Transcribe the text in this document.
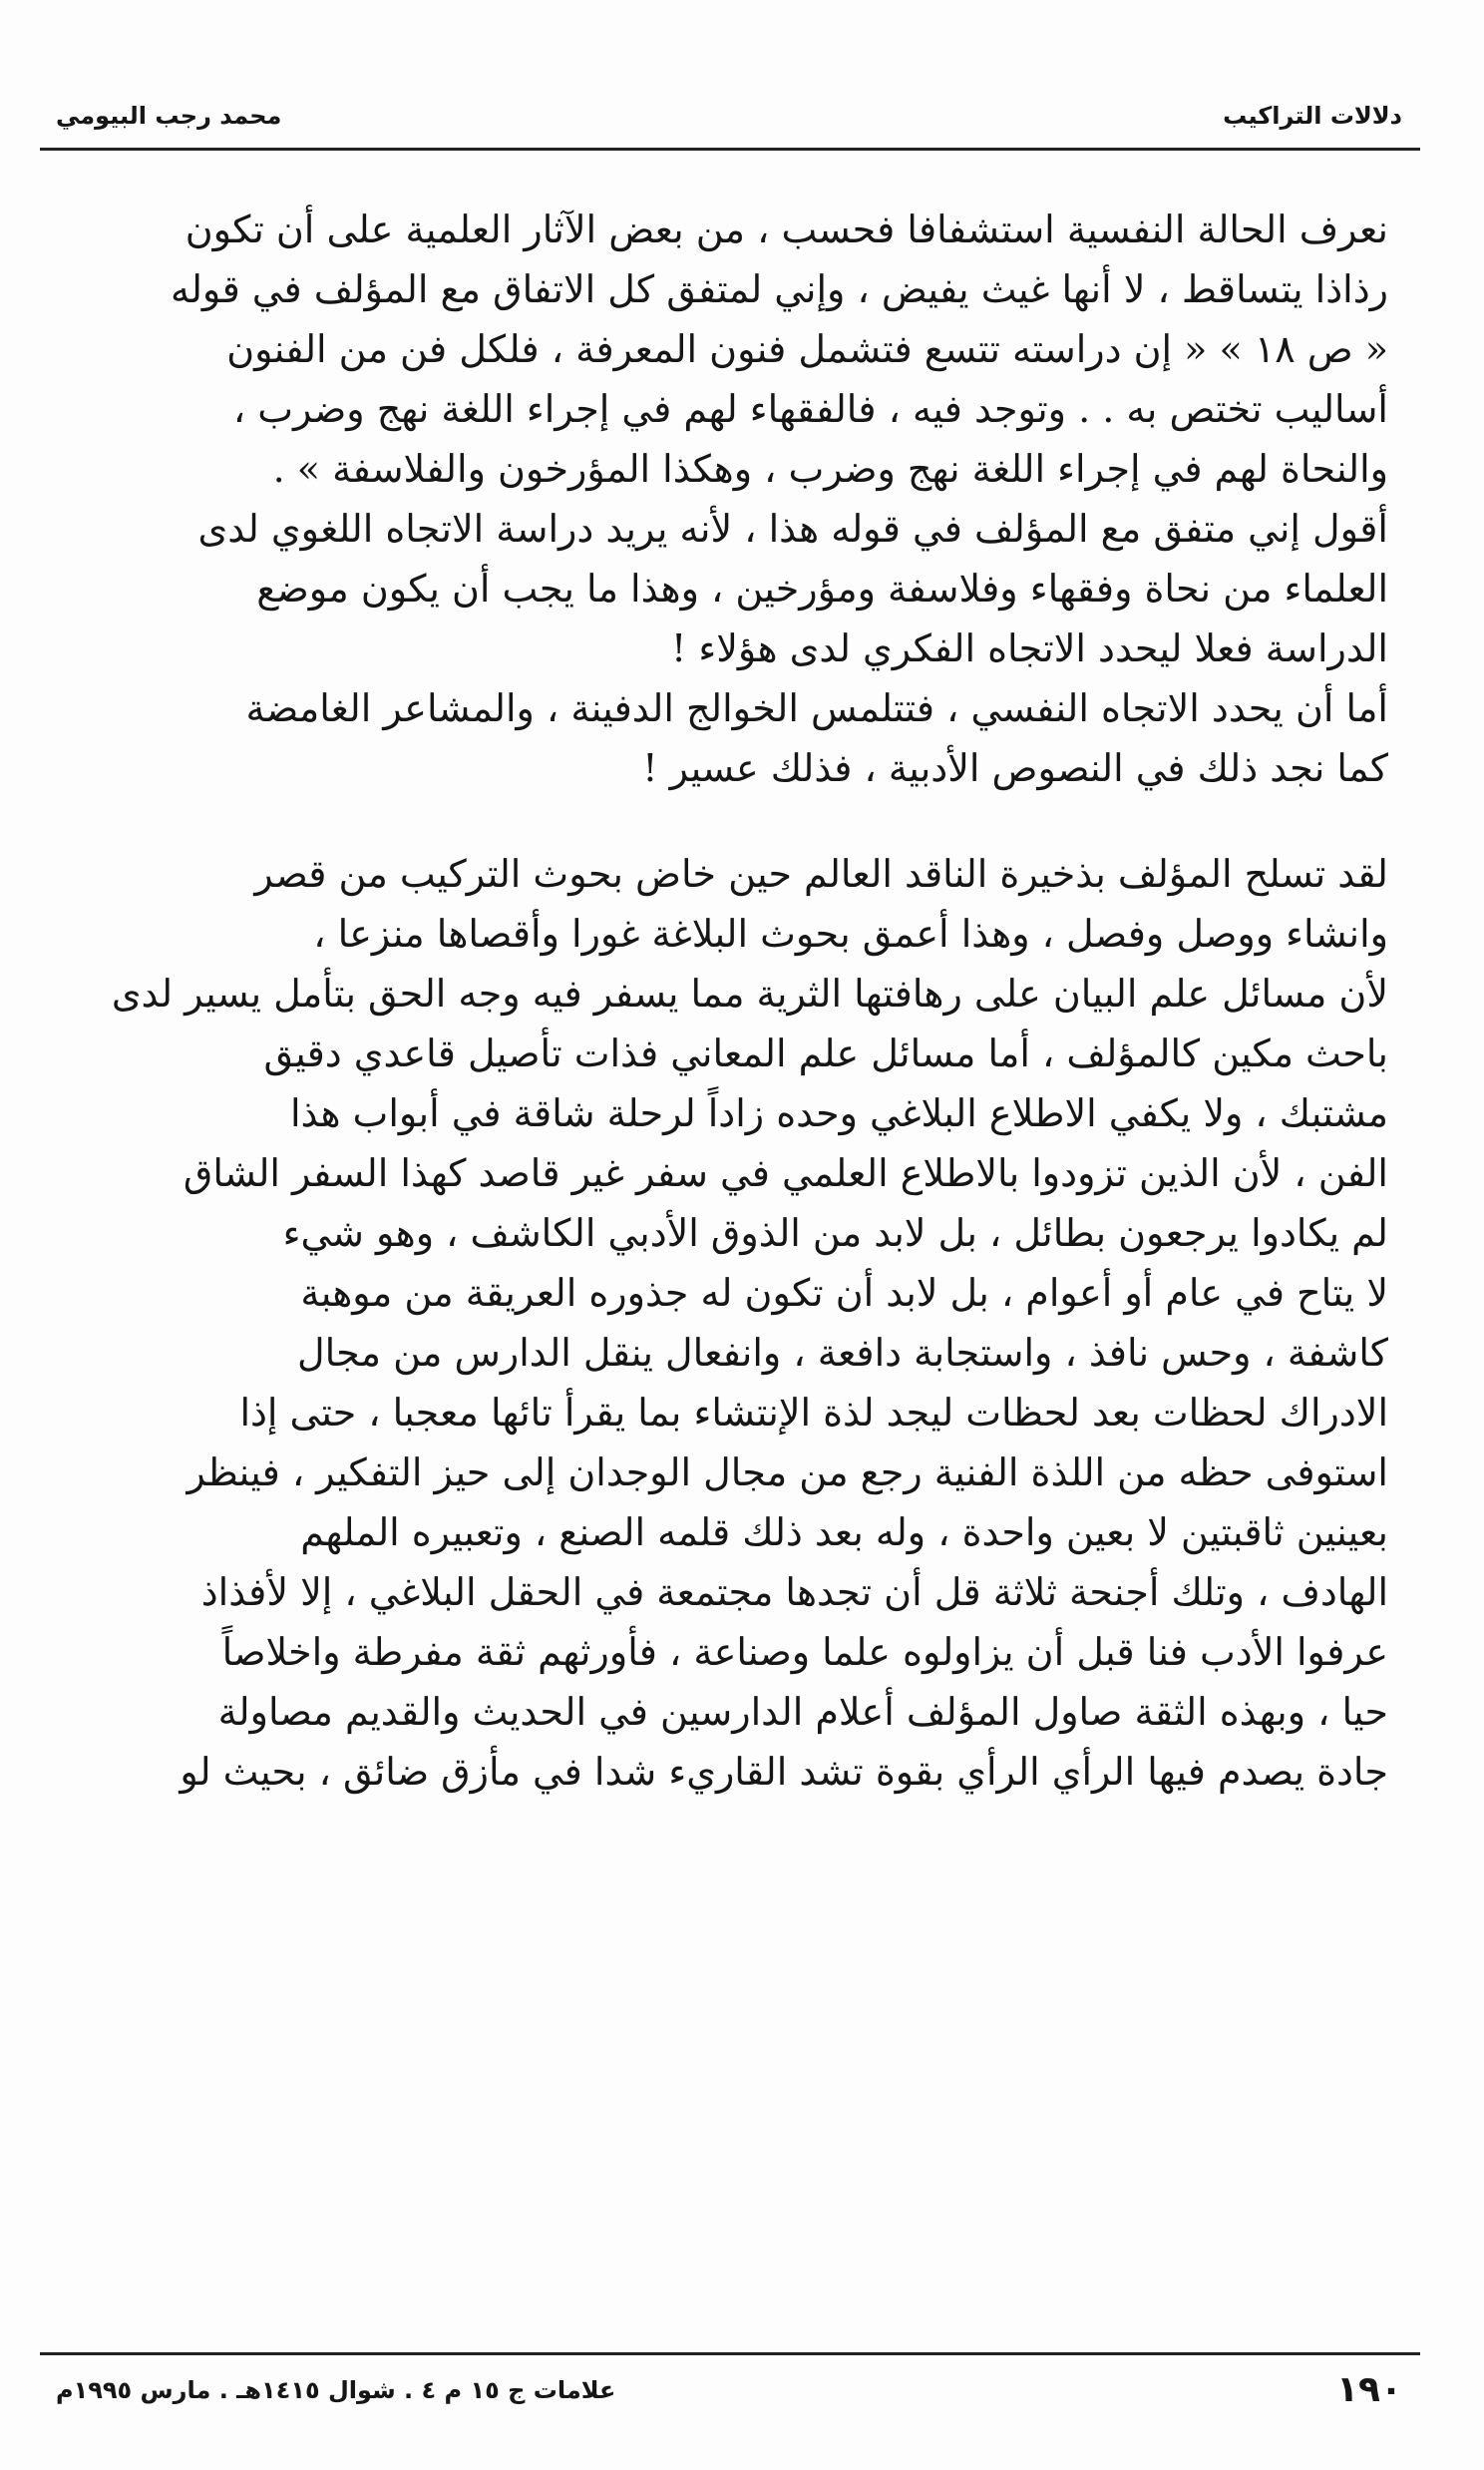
دلالات التراكيب
محمد رجب البيومي
نعرف الحالة النفسية استشفافا فحسب ، من بعض الآثار العلمية على أن تكون
رذاذا يتساقط ، لا أنها غيث يفيض ، وإني لمتفق كل الاتفاق مع المؤلف في قوله
« ص ١٨ » « إن دراسته تتسع فتشمل فنون المعرفة ، فلكل فن من الفنون
أساليب تختص به . . وتوجد فيه ، فالفقهاء لهم في إجراء اللغة نهج وضرب ،
والنحاة لهم في إجراء اللغة نهج وضرب ، وهكذا المؤرخون والفلاسفة » .
أقول إني متفق مع المؤلف في قوله هذا ، لأنه يريد دراسة الاتجاه اللغوي لدى
العلماء من نحاة وفقهاء وفلاسفة ومؤرخين ، وهذا ما يجب أن يكون موضع
الدراسة فعلا ليحدد الاتجاه الفكري لدى هؤلاء !
أما أن يحدد الاتجاه النفسي ، فتتلمس الخوالج الدفينة ، والمشاعر الغامضة
كما نجد ذلك في النصوص الأدبية ، فذلك عسير !
لقد تسلح المؤلف بذخيرة الناقد العالم حين خاض بحوث التركيب من قصر
وانشاء ووصل وفصل ، وهذا أعمق بحوث البلاغة غورا وأقصاها منزعا ،
لأن مسائل علم البيان على رهافتها الثرية مما يسفر فيه وجه الحق بتأمل يسير لدى
باحث مكين كالمؤلف ، أما مسائل علم المعاني فذات تأصيل قاعدي دقيق
مشتبك ، ولا يكفي الاطلاع البلاغي وحده زاداً لرحلة شاقة في أبواب هذا
الفن ، لأن الذين تزودوا بالاطلاع العلمي في سفر غير قاصد كهذا السفر الشاق
لم يكادوا يرجعون بطائل ، بل لابد من الذوق الأدبي الكاشف ، وهو شيء
لا يتاح في عام أو أعوام ، بل لابد أن تكون له جذوره العريقة من موهبة
كاشفة ، وحس نافذ ، واستجابة دافعة ، وانفعال ينقل الدارس من مجال
الادراك لحظات بعد لحظات ليجد لذة الإنتشاء بما يقرأ تائها معجبا ، حتى إذا
استوفى حظه من اللذة الفنية رجع من مجال الوجدان إلى حيز التفكير ، فينظر
بعينين ثاقبتين لا بعين واحدة ، وله بعد ذلك قلمه الصنع ، وتعبيره الملهم
الهادف ، وتلك أجنحة ثلاثة قل أن تجدها مجتمعة في الحقل البلاغي ، إلا لأفذاذ
عرفوا الأدب فنا قبل أن يزاولوه علما وصناعة ، فأورثهم ثقة مفرطة واخلاصاً
حيا ، وبهذه الثقة صاول المؤلف أعلام الدارسين في الحديث والقديم مصاولة
جادة يصدم فيها الرأي الرأي بقوة تشد القاريء شدا في مأزق ضائق ، بحيث لو
١٩٠
علامات ج ١٥ م ٤ . شوال ١٤١٥هـ . مارس ١٩٩٥م
